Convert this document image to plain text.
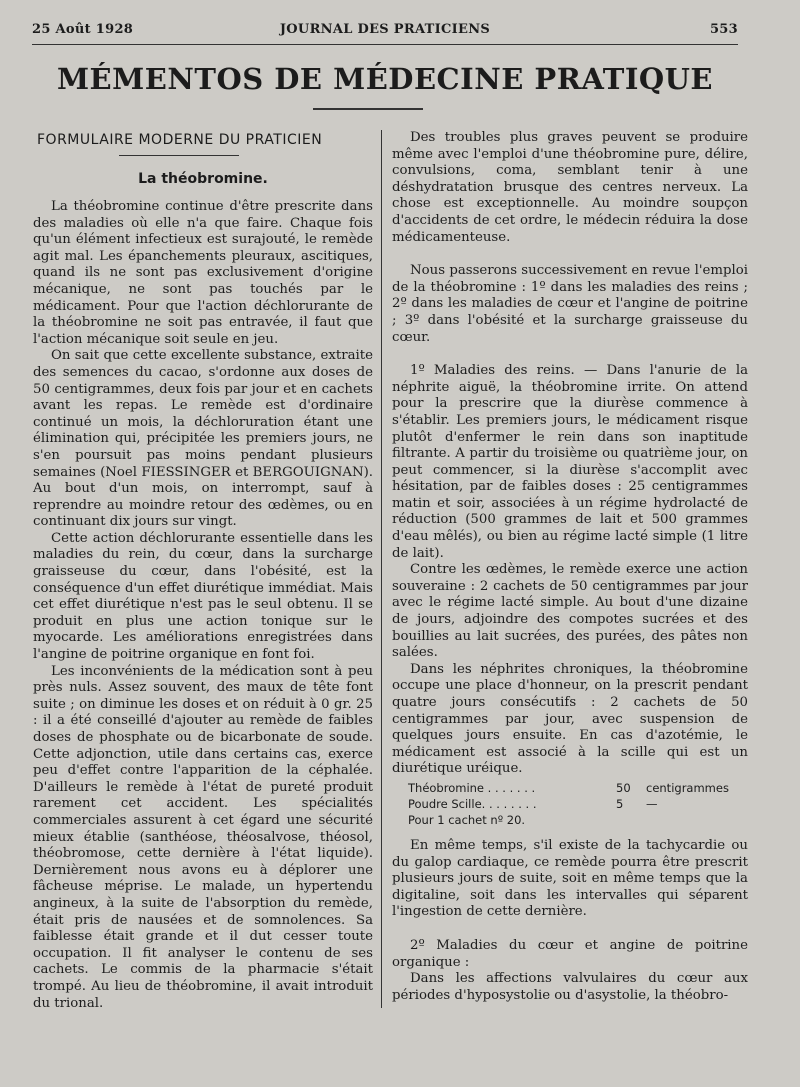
25 Août 1928	JOURNAL DES PRATICIENS	553
MÉMENTOS DE MÉDECINE PRATIQUE
FORMULAIRE MODERNE DU PRATICIEN
La théobromine.

La théobromine continue d'être prescrite dans des maladies où elle n'a que faire. Chaque fois qu'un élément infectieux est surajouté, le remède agit mal. Les épanchements pleuraux, ascitiques, quand ils ne sont pas exclusivement d'origine mécanique, ne sont pas touchés par le médicament. Pour que l'action déchlorurante de la théobromine ne soit pas entravée, il faut que l'action mécanique soit seule en jeu.

On sait que cette excellente substance, extraite des semences du cacao, s'ordonne aux doses de 50 centigrammes, deux fois par jour et en cachets avant les repas. Le remède est d'ordinaire continué un mois, la déchloruration étant une élimination qui, précipitée les premiers jours, ne s'en poursuit pas moins pendant plusieurs semaines (Noel FIESSINGER et BERGOUIGNAN). Au bout d'un mois, on interrompt, sauf à reprendre au moindre retour des œdèmes, ou en continuant dix jours sur vingt.

Cette action déchlorurante essentielle dans les maladies du rein, du cœur, dans la surcharge graisseuse du cœur, dans l'obésité, est la conséquence d'un effet diurétique immédiat. Mais cet effet diurétique n'est pas le seul obtenu. Il se produit en plus une action tonique sur le myocarde. Les améliorations enregistrées dans l'angine de poitrine organique en font foi.

Les inconvénients de la médication sont à peu près nuls. Assez souvent, des maux de tête font suite ; on diminue les doses et on réduit à 0 gr. 25 : il a été conseillé d'ajouter au remède de faibles doses de phosphate ou de bicarbonate de soude. Cette adjonction, utile dans certains cas, exerce peu d'effet contre l'apparition de la céphalée. D'ailleurs le remède à l'état de pureté produit rarement cet accident. Les spécialités commerciales assurent à cet égard une sécurité mieux établie (santhéose, théosalvose, théosol, théobromose, cette dernière à l'état liquide). Dernièrement nous avons eu à déplorer une fâcheuse méprise. Le malade, un hypertendu angineux, à la suite de l'absorption du remède, était pris de nausées et de somnolences. Sa faiblesse était grande et il dut cesser toute occupation. Il fit analyser le contenu de ses cachets. Le commis de la pharmacie s'était trompé. Au lieu de théobromine, il avait introduit du trional.

Des troubles plus graves peuvent se produire même avec l'emploi d'une théobromine pure, délire, convulsions, coma, semblant tenir à une déshydratation brusque des centres nerveux. La chose est exceptionnelle. Au moindre soupçon d'accidents de cet ordre, le médecin réduira la dose médicamenteuse.

Nous passerons successivement en revue l'emploi de la théobromine : 1º dans les maladies des reins ; 2º dans les maladies de cœur et l'angine de poitrine ; 3º dans l'obésité et la surcharge graisseuse du cœur.

1º Maladies des reins. — Dans l'anurie de la néphrite aiguë, la théobromine irrite. On attend pour la prescrire que la diurèse commence à s'établir. Les premiers jours, le médicament risque plutôt d'enfermer le rein dans son inaptitude filtrante. A partir du troisième ou quatrième jour, on peut commencer, si la diurèse s'accomplit avec hésitation, par de faibles doses : 25 centigrammes matin et soir, associées à un régime hydrolacté de réduction (500 grammes de lait et 500 grammes d'eau mêlés), ou bien au régime lacté simple (1 litre de lait).

Contre les œdèmes, le remède exerce une action souveraine : 2 cachets de 50 centigrammes par jour avec le régime lacté simple. Au bout d'une dizaine de jours, adjoindre des compotes sucrées et des bouillies au lait sucrées, des purées, des pâtes non salées.

Dans les néphrites chroniques, la théobromine occupe une place d'honneur, on la prescrit pendant quatre jours consécutifs : 2 cachets de 50 centigrammes par jour, avec suspension de quelques jours ensuite. En cas d'azotémie, le médicament est associé à la scille qui est un diurétique uréique.

Théobromine . . . . . . .	50 centigrammes
Poudre Scille. . . . . . . .	5 —
Pour 1 cachet nº 20.

En même temps, s'il existe de la tachycardie ou du galop cardiaque, ce remède pourra être prescrit plusieurs jours de suite, soit en même temps que la digitaline, soit dans les intervalles qui séparent l'ingestion de cette dernière.

2º Maladies du cœur et angine de poitrine organique :

Dans les affections valvulaires du cœur aux périodes d'hyposystolie ou d'asystolie, la théobro-
